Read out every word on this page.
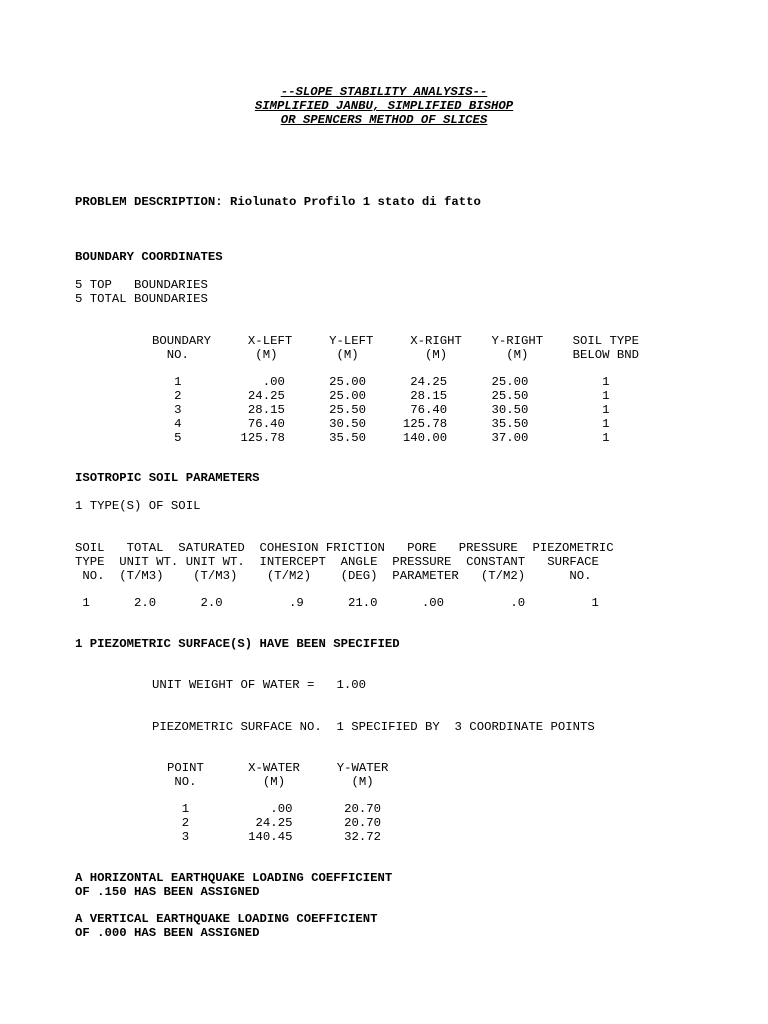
--SLOPE STABILITY ANALYSIS--
SIMPLIFIED JANBU, SIMPLIFIED BISHOP
OR SPENCERS METHOD OF SLICES
PROBLEM DESCRIPTION: Riolunato Profilo 1 stato di fatto
BOUNDARY COORDINATES
5 TOP   BOUNDARIES
5 TOTAL BOUNDARIES
BOUNDARY     X-LEFT     Y-LEFT     X-RIGHT    Y-RIGHT    SOIL TYPE
NO.         (M)        (M)         (M)        (M)      BELOW BND
1           .00      25.00      24.25      25.00          1
2         24.25      25.00      28.15      25.50          1
3         28.15      25.50      76.40      30.50          1
4         76.40      30.50     125.78      35.50          1
5        125.78      35.50     140.00      37.00          1
ISOTROPIC SOIL PARAMETERS
1 TYPE(S) OF SOIL
SOIL   TOTAL  SATURATED  COHESION FRICTION   PORE   PRESSURE  PIEZOMETRIC
TYPE  UNIT WT. UNIT WT.  INTERCEPT  ANGLE  PRESSURE  CONSTANT   SURFACE
NO.  (T/M3)    (T/M3)    (T/M2)    (DEG)  PARAMETER   (T/M2)      NO.
1      2.0      2.0         .9      21.0      .00         .0         1
1 PIEZOMETRIC SURFACE(S) HAVE BEEN SPECIFIED
UNIT WEIGHT OF WATER =   1.00
PIEZOMETRIC SURFACE NO.  1 SPECIFIED BY  3 COORDINATE POINTS
POINT      X-WATER     Y-WATER
NO.         (M)         (M)
1           .00       20.70
2         24.25       20.70
3        140.45       32.72
A HORIZONTAL EARTHQUAKE LOADING COEFFICIENT
OF .150 HAS BEEN ASSIGNED
A VERTICAL EARTHQUAKE LOADING COEFFICIENT
OF .000 HAS BEEN ASSIGNED
